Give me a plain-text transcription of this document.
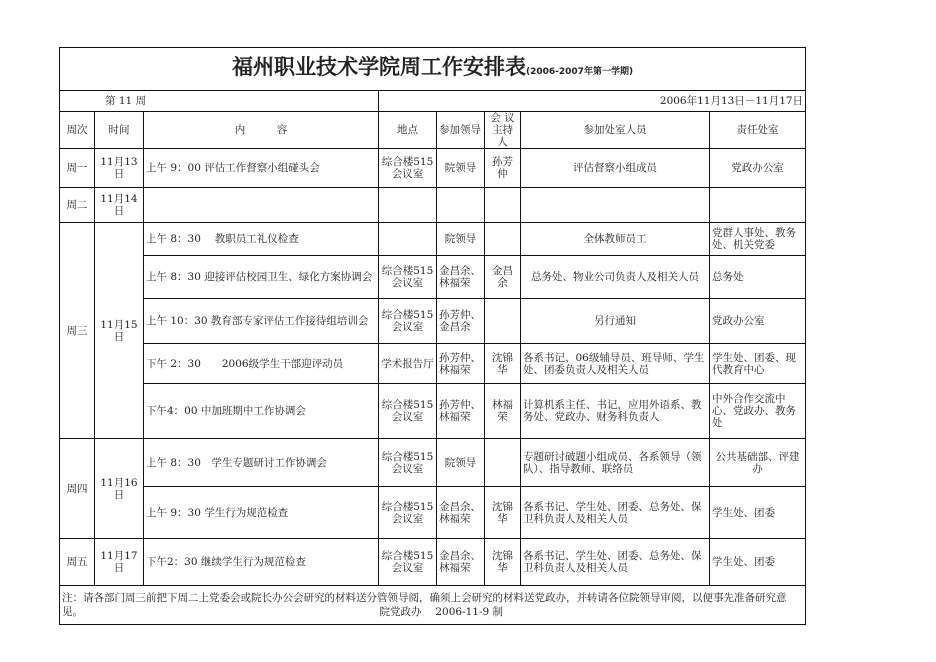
福州职业技术学院周工作安排表(2006-2007年第一学期)							
第 11 周			2006年11月13日－11月17日				
周次	时间	内　　　容	地点	参加领导	会 议主持人	参加处室人员	责任处室
周一	11月13日	上午 9：00 评估工作督察小组碰头会	综合楼515会议室	院领导	孙芳仲	评估督察小组成员	党政办公室
周二	11月14日						
周三	11月15日	上午 8：30　 教职员工礼仪检查		院领导		全体教师员工	党群人事处、教务处、机关党委
		上午 8：30 迎接评估校园卫生、绿化方案协调会	综合楼515会议室	金昌余、林福荣	金昌余	总务处、物业公司负责人及相关人员	总务处
		上午 10：30 教育部专家评估工作接待组培训会	综合楼515会议室	孙芳仲、金昌余		另行通知	党政办公室
		下午 2：30　　2006级学生干部迎评动员	学术报告厅	孙芳仲、林福荣	沈锦华	各系书记、06级辅导员、班导师、学生处、团委负责人及相关人员	学生处、团委、现代教育中心
		下午4：00 中加班期中工作协调会	综合楼515会议室	孙芳仲、林福荣	林福荣	计算机系主任、书记，应用外语系、教务处、党政办、财务科负责人	中外合作交流中心、党政办、教务处
周四	11月16日	上午 8：30　学生专题研讨工作协调会	综合楼515会议室	院领导		专题研讨破题小组成员、各系领导（领队）、指导教师、联络员	公共基础部、评建办
		上午 9：30 学生行为规范检查	综合楼515会议室	金昌余、林福荣	沈锦华	各系书记、学生处、团委、总务处、保卫科负责人及相关人员	学生处、团委
周五	11月17日	下午2：30 继续学生行为规范检查	综合楼515会议室	金昌余、林福荣	沈锦华	各系书记、学生处、团委、总务处、保卫科负责人及相关人员	学生处、团委

注：请各部门周三前把下周二上党委会或院长办公会研究的材料送分管领导阅，确须上会研究的材料送党政办，并转请各位院领导审阅，以便事先准备研究意见。 院党政办　 2006-11-9 制							
